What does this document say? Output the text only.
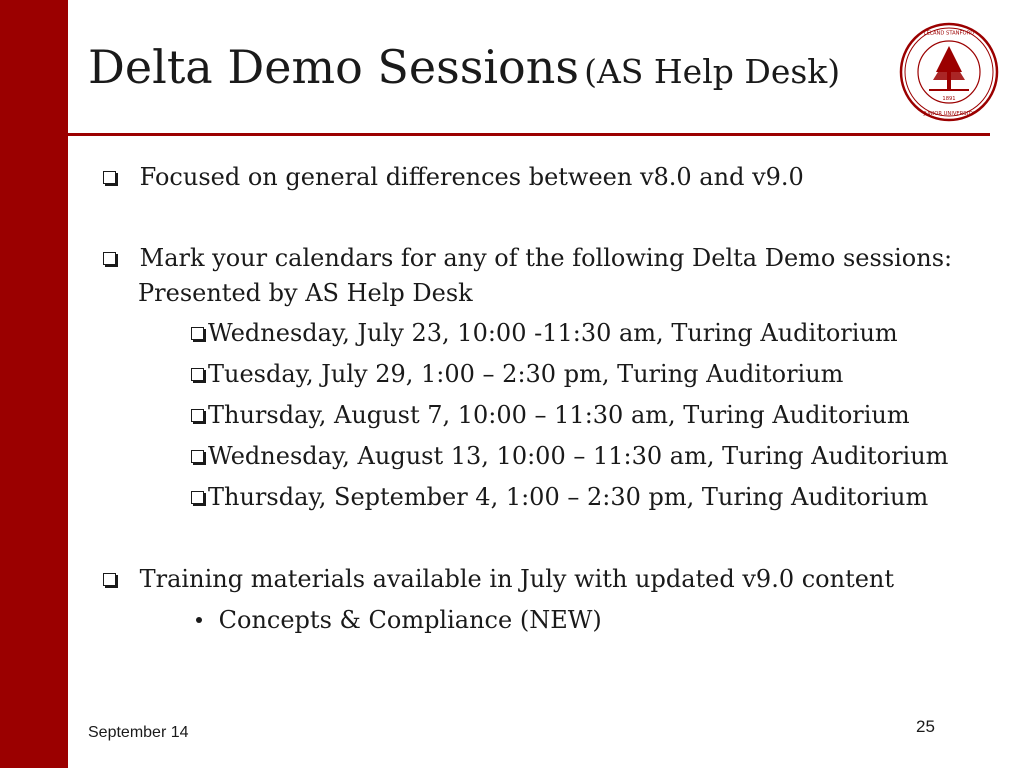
Delta Demo Sessions (AS Help Desk)
LELAND STANFORD
JUNIOR UNIVERSITY
1891
Focused on general differences between v8.0 and v9.0
Mark your calendars for any of the following Delta Demo sessions:
Presented by AS Help Desk
Wednesday, July 23, 10:00 -11:30 am, Turing Auditorium
Tuesday, July 29, 1:00 – 2:30 pm, Turing Auditorium
Thursday, August 7, 10:00 – 11:30 am, Turing Auditorium
Wednesday, August 13, 10:00 – 11:30 am, Turing Auditorium
Thursday, September 4, 1:00 – 2:30 pm, Turing Auditorium
Training materials available in July with updated v9.0 content
Concepts & Compliance (NEW)
September 14	25
